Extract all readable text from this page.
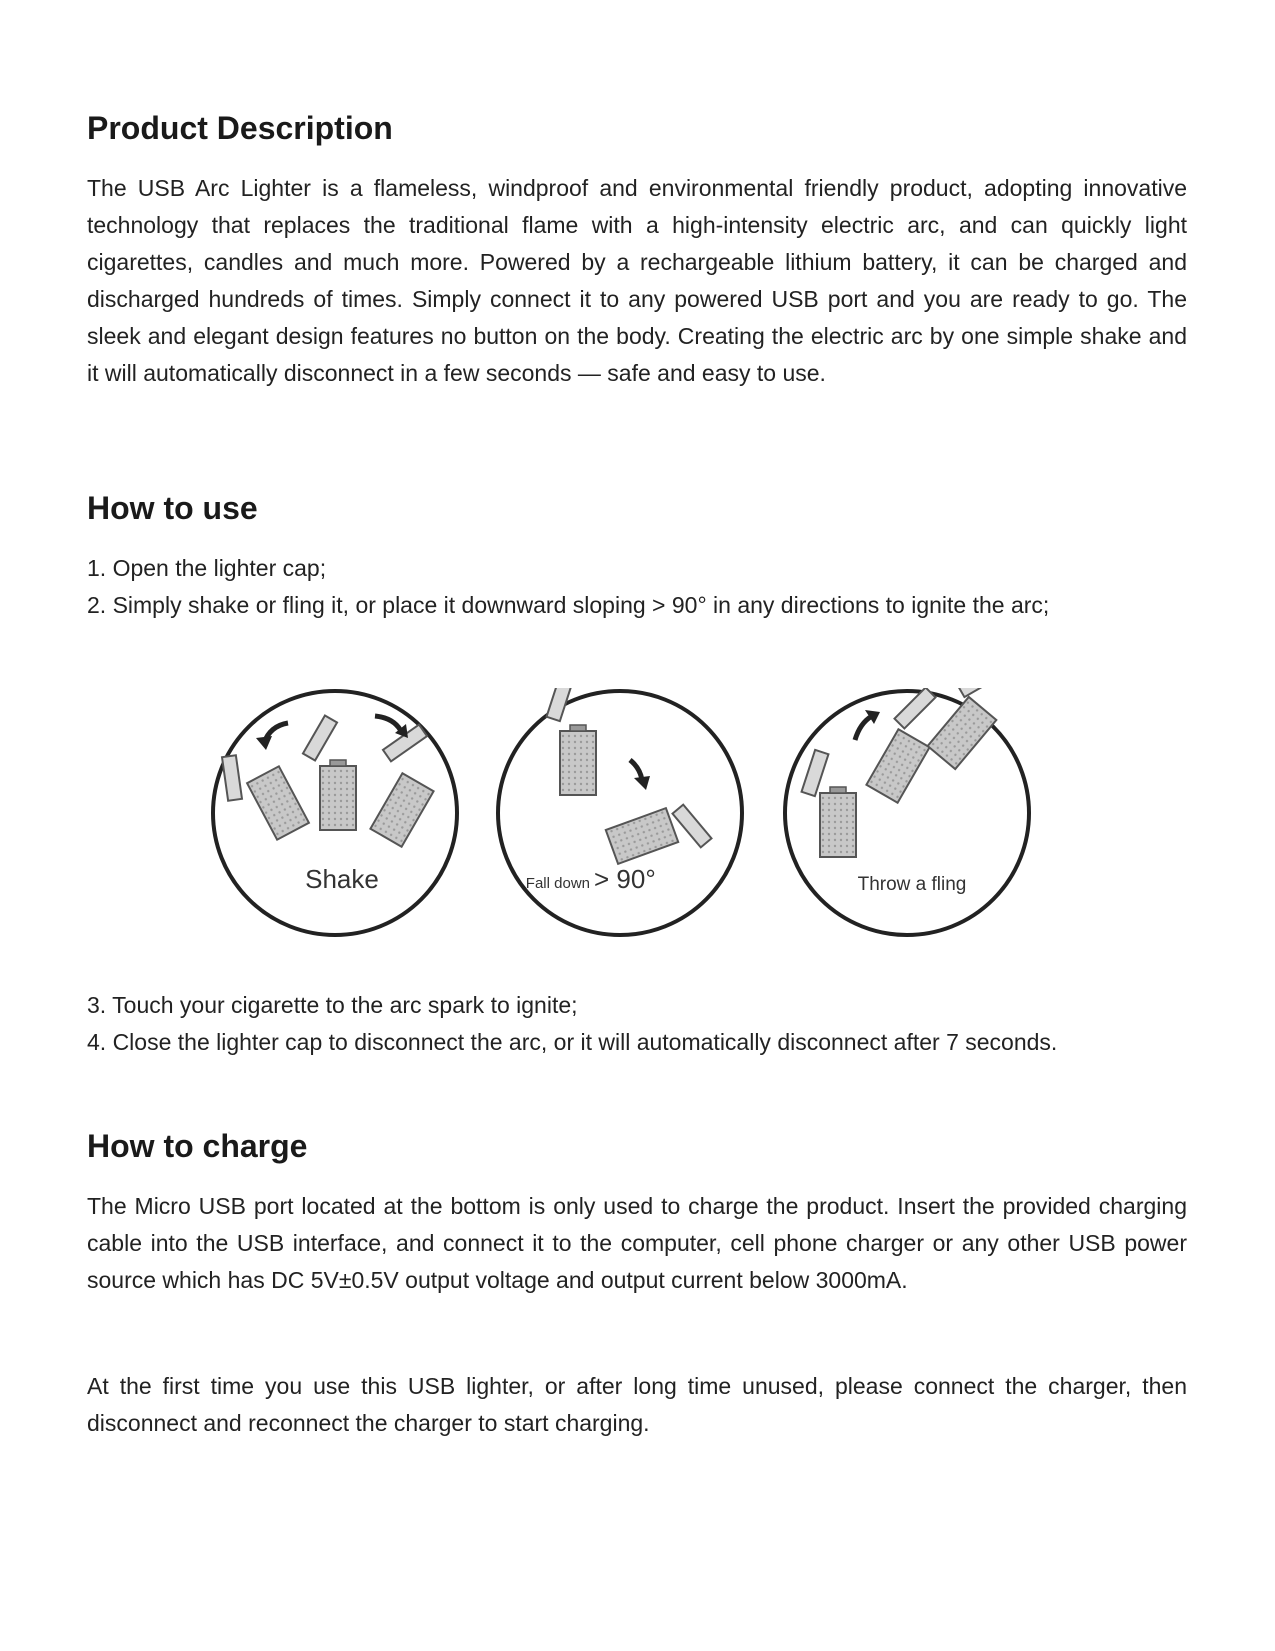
Product Description

The USB Arc Lighter is a flameless, windproof and environmental friendly product, adopting innovative technology that replaces the traditional flame with a high-intensity electric arc, and can quickly light cigarettes, candles and much more. Powered by a rechargeable lithium battery, it can be charged and discharged hundreds of times. Simply connect it to any powered USB port and you are ready to go. The sleek and elegant design features no button on the body. Creating the electric arc by one simple shake and it will automatically disconnect in a few seconds — safe and easy to use.

How to use

1. Open the lighter cap;

2. Simply shake or fling it, or place it downward sloping > 90° in any directions to ignite the arc;

3. Touch your cigarette to the arc spark to ignite;

4. Close the lighter cap to disconnect the arc, or it will automatically disconnect after 7 seconds.

How to charge

The Micro USB port located at the bottom is only used to charge the product. Insert the provided charging cable into the USB interface, and connect it to the computer, cell phone charger or any other USB power source which has DC 5V±0.5V output voltage and output current below 3000mA.

At the first time you use this USB lighter, or after long time unused, please connect the charger, then disconnect and reconnect the charger to start charging.

Shake	Fall down > 90°	Throw a fling
